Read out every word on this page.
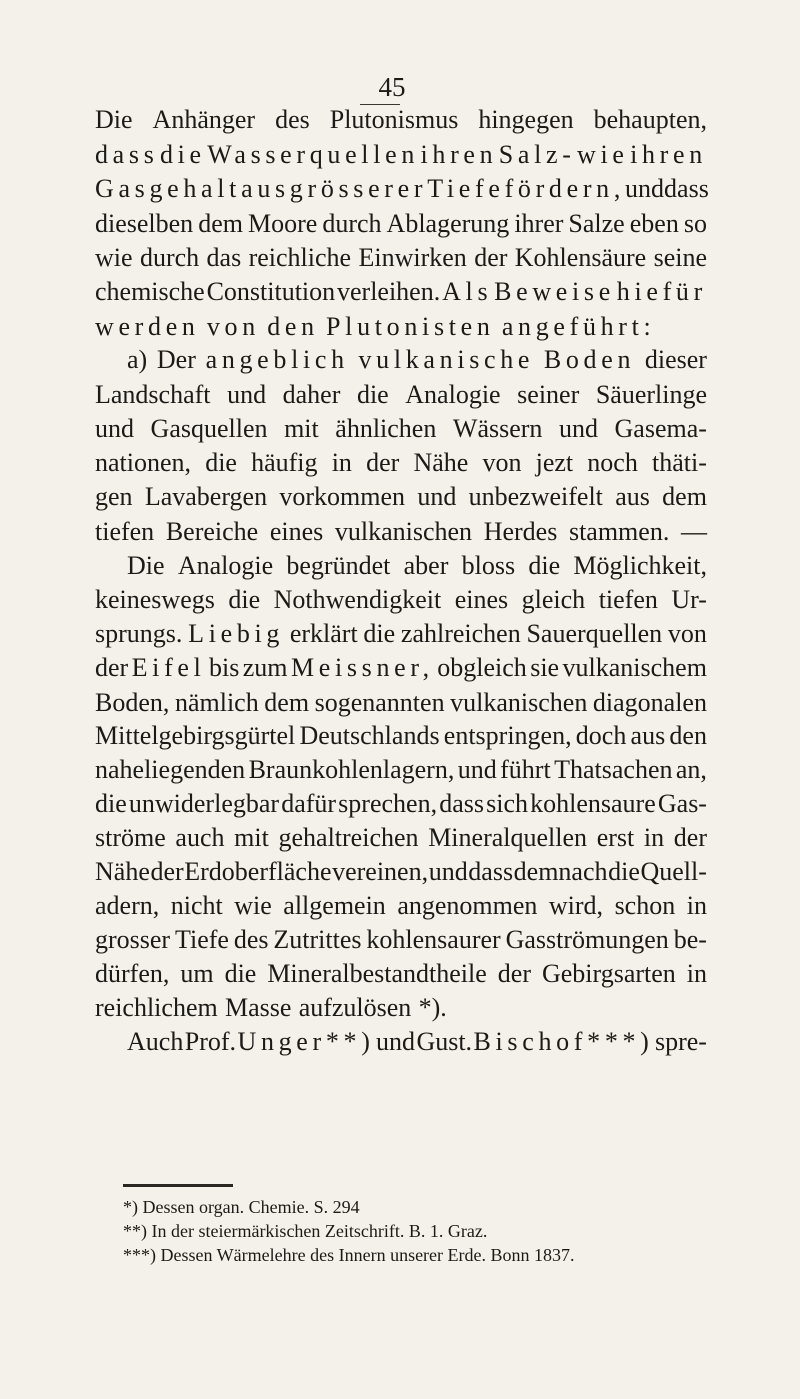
45
Die Anhänger des Plutonismus hingegen behaupten,
dass die Wasserquellen ihren Salz- wie ihren
Gasgehalt aus grösserer Tiefe fördern, und dass
dieselben dem Moore durch Ablagerung ihrer Salze eben so
wie durch das reichliche Einwirken der Kohlensäure seine
chemische Constitution verleihen. Als Beweise hiefür
werden von den Plutonisten angeführt:
a) Der angeblich vulkanische Boden dieser
Landschaft und daher die Analogie seiner Säuerlinge
und Gasquellen mit ähnlichen Wässern und Gasema-
nationen, die häufig in der Nähe von jezt noch thäti-
gen Lavabergen vorkommen und unbezweifelt aus dem
tiefen Bereiche eines vulkanischen Herdes stammen. —
Die Analogie begründet aber bloss die Möglichkeit,
keineswegs die Nothwendigkeit eines gleich tiefen Ur-
sprungs. Liebig erklärt die zahlreichen Sauerquellen von
der Eifel bis zum Meissner, obgleich sie vulkanischem
Boden, nämlich dem sogenannten vulkanischen diagonalen
Mittelgebirgsgürtel Deutschlands entspringen, doch aus den
naheliegenden Braunkohlenlagern, und führt Thatsachen an,
die unwiderlegbar dafür sprechen, dass sich kohlensaure Gas-
ströme auch mit gehaltreichen Mineralquellen erst in der
Nähe der Erdoberfläche vereinen, und dass demnach die Quell-
adern, nicht wie allgemein angenommen wird, schon in
grosser Tiefe des Zutrittes kohlensaurer Gasströmungen be-
dürfen, um die Mineralbestandtheile der Gebirgsarten in
reichlichem Masse aufzulösen *).
Auch Prof. Unger**) und Gust. Bischof***) spre-
*) Dessen organ. Chemie. S. 294
**) In der steiermärkischen Zeitschrift. B. 1. Graz.
***) Dessen Wärmelehre des Innern unserer Erde. Bonn 1837.
